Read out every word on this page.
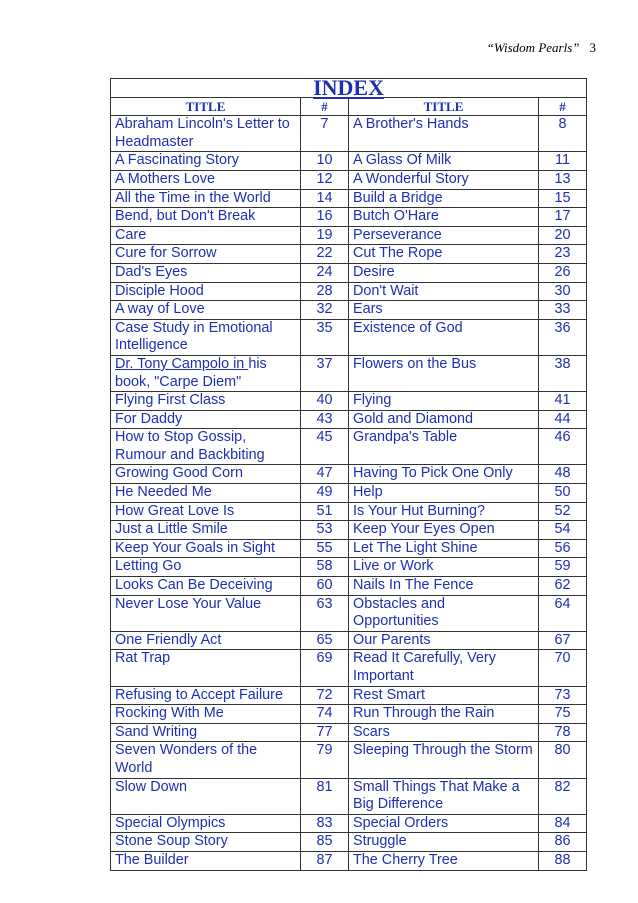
“Wisdom Pearls” 3
INDEX			
TITLE	#	TITLE	#
Abraham Lincoln's Letter to Headmaster	7	A Brother's Hands	8
A Fascinating Story	10	A Glass Of Milk	11
A Mothers Love	12	A Wonderful Story	13
All the Time in the World	14	Build a Bridge	15
Bend, but Don't Break	16	Butch O'Hare	17
Care	19	Perseverance	20
Cure for Sorrow	22	Cut The Rope	23
Dad's Eyes	24	Desire	26
Disciple Hood	28	Don't Wait	30
A way of Love	32	Ears	33
Case Study in Emotional Intelligence	35	Existence of God	36
Dr. Tony Campolo in his book, "Carpe Diem"	37	Flowers on the Bus	38
Flying First Class	40	Flying	41
For Daddy	43	Gold and Diamond	44
How to Stop Gossip, Rumour and Backbiting	45	Grandpa's Table	46
Growing Good Corn	47	Having To Pick One Only	48
He Needed Me	49	Help	50
How Great Love Is	51	Is Your Hut Burning?	52
Just a Little Smile	53	Keep Your Eyes Open	54
Keep Your Goals in Sight	55	Let The Light Shine	56
Letting Go	58	Live or Work	59
Looks Can Be Deceiving	60	Nails In The Fence	62
Never Lose Your Value	63	Obstacles and Opportunities	64
One Friendly Act	65	Our Parents	67
Rat Trap	69	Read It Carefully, Very Important	70
Refusing to Accept Failure	72	Rest Smart	73
Rocking With Me	74	Run Through the Rain	75
Sand Writing	77	Scars	78
Seven Wonders of the World	79	Sleeping Through the Storm	80
Slow Down	81	Small Things That Make a Big Difference	82
Special Olympics	83	Special Orders	84
Stone Soup Story	85	Struggle	86
The Builder	87	The Cherry Tree	88
